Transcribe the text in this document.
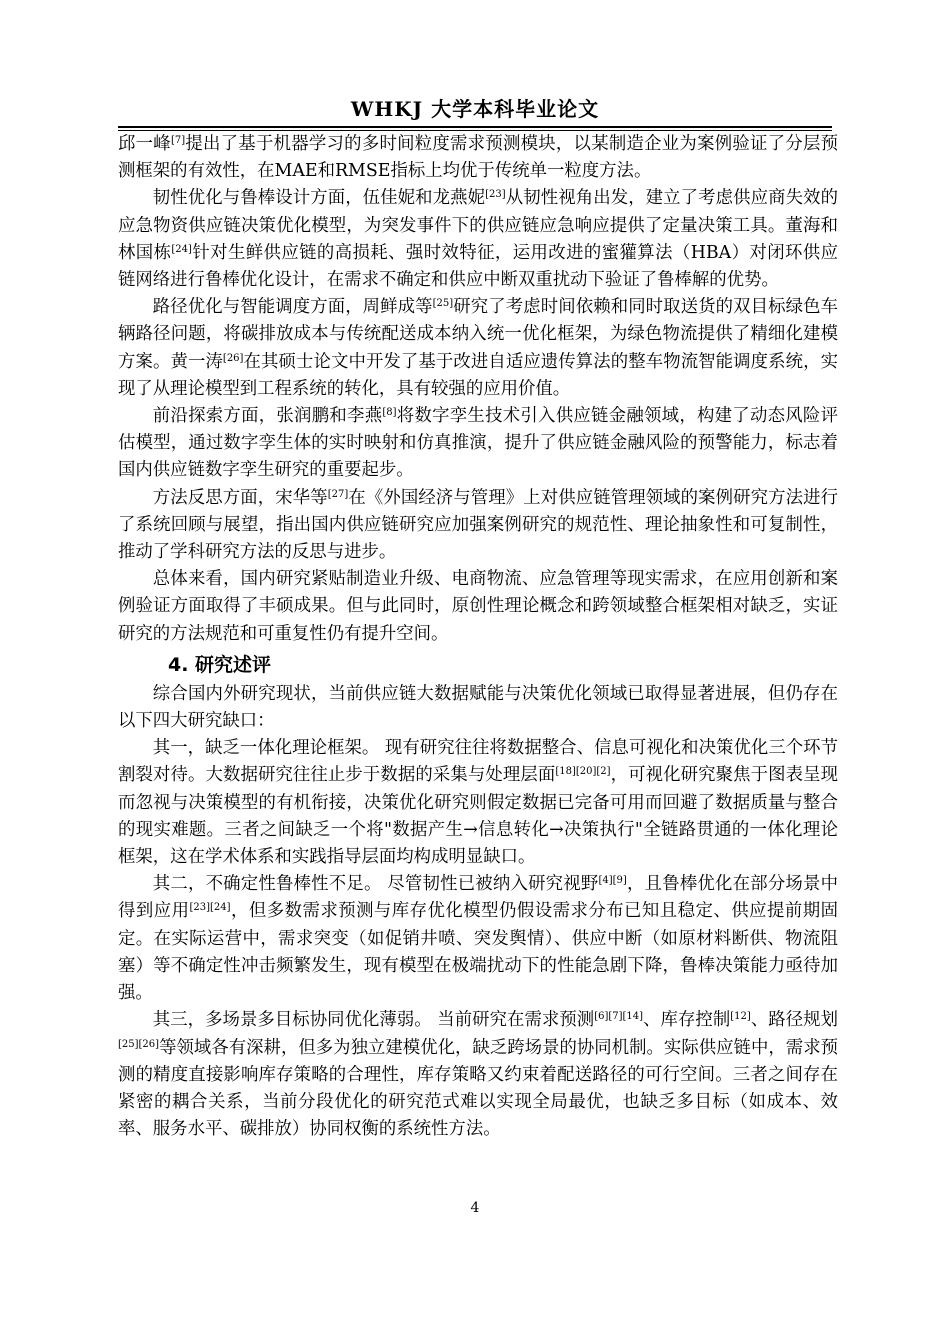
WHKJ 大学本科毕业论文

邱一峰[7]提出了基于机器学习的多时间粒度需求预测模块，以某制造企业为案例验证了分层预测框架的有效性，在MAE和RMSE指标上均优于传统单一粒度方法。

韧性优化与鲁棒设计方面，伍佳妮和龙燕妮[23]从韧性视角出发，建立了考虑供应商失效的应急物资供应链决策优化模型，为突发事件下的供应链应急响应提供了定量决策工具。董海和林国栋[24]针对生鲜供应链的高损耗、强时效特征，运用改进的蜜獾算法（HBA）对闭环供应链网络进行鲁棒优化设计，在需求不确定和供应中断双重扰动下验证了鲁棒解的优势。

路径优化与智能调度方面，周鲜成等[25]研究了考虑时间依赖和同时取送货的双目标绿色车辆路径问题，将碳排放成本与传统配送成本纳入统一优化框架，为绿色物流提供了精细化建模方案。黄一涛[26]在其硕士论文中开发了基于改进自适应遗传算法的整车物流智能调度系统，实现了从理论模型到工程系统的转化，具有较强的应用价值。

前沿探索方面，张润鹏和李燕[8]将数字孪生技术引入供应链金融领域，构建了动态风险评估模型，通过数字孪生体的实时映射和仿真推演，提升了供应链金融风险的预警能力，标志着国内供应链数字孪生研究的重要起步。

方法反思方面，宋华等[27]在《外国经济与管理》上对供应链管理领域的案例研究方法进行了系统回顾与展望，指出国内供应链研究应加强案例研究的规范性、理论抽象性和可复制性，推动了学科研究方法的反思与进步。

总体来看，国内研究紧贴制造业升级、电商物流、应急管理等现实需求，在应用创新和案例验证方面取得了丰硕成果。但与此同时，原创性理论概念和跨领域整合框架相对缺乏，实证研究的方法规范和可重复性仍有提升空间。

4. 研究述评

综合国内外研究现状，当前供应链大数据赋能与决策优化领域已取得显著进展，但仍存在以下四大研究缺口：

其一，缺乏一体化理论框架。 现有研究往往将数据整合、信息可视化和决策优化三个环节割裂对待。大数据研究往往止步于数据的采集与处理层面[18][20][2]，可视化研究聚焦于图表呈现而忽视与决策模型的有机衔接，决策优化研究则假定数据已完备可用而回避了数据质量与整合的现实难题。三者之间缺乏一个将"数据产生→信息转化→决策执行"全链路贯通的一体化理论框架，这在学术体系和实践指导层面均构成明显缺口。

其二，不确定性鲁棒性不足。 尽管韧性已被纳入研究视野[4][9]，且鲁棒优化在部分场景中得到应用[23][24]，但多数需求预测与库存优化模型仍假设需求分布已知且稳定、供应提前期固定。在实际运营中，需求突变（如促销井喷、突发舆情）、供应中断（如原材料断供、物流阻塞）等不确定性冲击频繁发生，现有模型在极端扰动下的性能急剧下降，鲁棒决策能力亟待加强。

其三，多场景多目标协同优化薄弱。 当前研究在需求预测[6][7][14]、库存控制[12]、路径规划[25][26]等领域各有深耕，但多为独立建模优化，缺乏跨场景的协同机制。实际供应链中，需求预测的精度直接影响库存策略的合理性，库存策略又约束着配送路径的可行空间。三者之间存在紧密的耦合关系，当前分段优化的研究范式难以实现全局最优，也缺乏多目标（如成本、效率、服务水平、碳排放）协同权衡的系统性方法。

4
